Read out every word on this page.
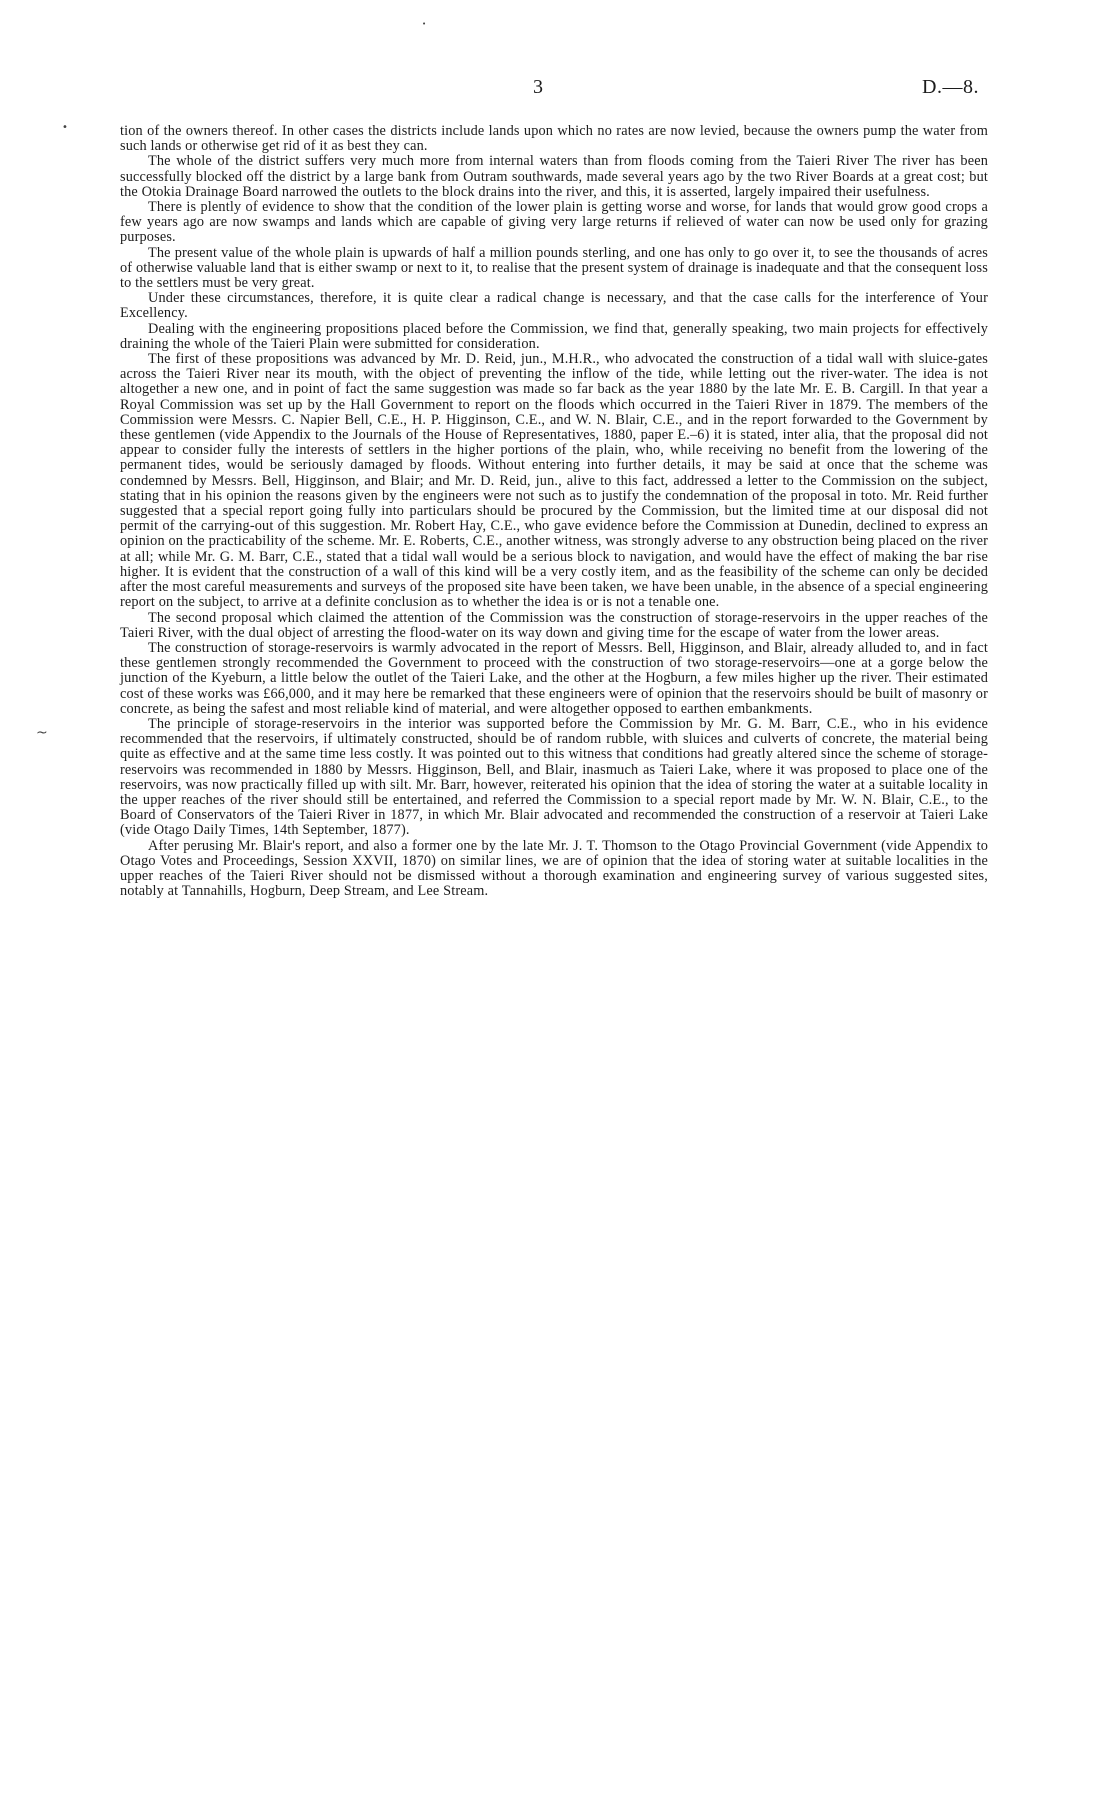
•
•
~
3	D.—8.

tion of the owners thereof. In other cases the districts include lands upon which no rates are now levied, because the owners pump the water from such lands or otherwise get rid of it as best they can.

The whole of the district suffers very much more from internal waters than from floods coming from the Taieri River The river has been successfully blocked off the district by a large bank from Outram southwards, made several years ago by the two River Boards at a great cost; but the Otokia Drainage Board narrowed the outlets to the block drains into the river, and this, it is asserted, largely impaired their usefulness.

There is plently of evidence to show that the condition of the lower plain is getting worse and worse, for lands that would grow good crops a few years ago are now swamps and lands which are capable of giving very large returns if relieved of water can now be used only for grazing purposes.

The present value of the whole plain is upwards of half a million pounds sterling, and one has only to go over it, to see the thousands of acres of otherwise valuable land that is either swamp or next to it, to realise that the present system of drainage is inadequate and that the consequent loss to the settlers must be very great.

Under these circumstances, therefore, it is quite clear a radical change is necessary, and that the case calls for the interference of Your Excellency.

Dealing with the engineering propositions placed before the Commission, we find that, generally speaking, two main projects for effectively draining the whole of the Taieri Plain were submitted for consideration.

The first of these propositions was advanced by Mr. D. Reid, jun., M.H.R., who advocated the construction of a tidal wall with sluice-gates across the Taieri River near its mouth, with the object of preventing the inflow of the tide, while letting out the river-water. The idea is not altogether a new one, and in point of fact the same suggestion was made so far back as the year 1880 by the late Mr. E. B. Cargill. In that year a Royal Commission was set up by the Hall Government to report on the floods which occurred in the Taieri River in 1879. The members of the Commission were Messrs. C. Napier Bell, C.E., H. P. Higginson, C.E., and W. N. Blair, C.E., and in the report forwarded to the Government by these gentlemen (vide Appendix to the Journals of the House of Representatives, 1880, paper E.–6) it is stated, inter alia, that the proposal did not appear to consider fully the interests of settlers in the higher portions of the plain, who, while receiving no benefit from the lowering of the permanent tides, would be seriously damaged by floods. Without entering into further details, it may be said at once that the scheme was condemned by Messrs. Bell, Higginson, and Blair; and Mr. D. Reid, jun., alive to this fact, addressed a letter to the Commission on the subject, stating that in his opinion the reasons given by the engineers were not such as to justify the condemnation of the proposal in toto. Mr. Reid further suggested that a special report going fully into particulars should be procured by the Commission, but the limited time at our disposal did not permit of the carrying-out of this suggestion. Mr. Robert Hay, C.E., who gave evidence before the Commission at Dunedin, declined to express an opinion on the practicability of the scheme. Mr. E. Roberts, C.E., another witness, was strongly adverse to any obstruction being placed on the river at all; while Mr. G. M. Barr, C.E., stated that a tidal wall would be a serious block to navigation, and would have the effect of making the bar rise higher. It is evident that the construction of a wall of this kind will be a very costly item, and as the feasibility of the scheme can only be decided after the most careful measurements and surveys of the proposed site have been taken, we have been unable, in the absence of a special engineering report on the subject, to arrive at a definite conclusion as to whether the idea is or is not a tenable one.

The second proposal which claimed the attention of the Commission was the construction of storage-reservoirs in the upper reaches of the Taieri River, with the dual object of arresting the flood-water on its way down and giving time for the escape of water from the lower areas.

The construction of storage-reservoirs is warmly advocated in the report of Messrs. Bell, Higginson, and Blair, already alluded to, and in fact these gentlemen strongly recommended the Government to proceed with the construction of two storage-reservoirs—one at a gorge below the junction of the Kyeburn, a little below the outlet of the Taieri Lake, and the other at the Hogburn, a few miles higher up the river. Their estimated cost of these works was £66,000, and it may here be remarked that these engineers were of opinion that the reservoirs should be built of masonry or concrete, as being the safest and most reliable kind of material, and were altogether opposed to earthen embankments.

The principle of storage-reservoirs in the interior was supported before the Commission by Mr. G. M. Barr, C.E., who in his evidence recommended that the reservoirs, if ultimately constructed, should be of random rubble, with sluices and culverts of concrete, the material being quite as effective and at the same time less costly. It was pointed out to this witness that conditions had greatly altered since the scheme of storage-reservoirs was recommended in 1880 by Messrs. Higginson, Bell, and Blair, inasmuch as Taieri Lake, where it was proposed to place one of the reservoirs, was now practically filled up with silt. Mr. Barr, however, reiterated his opinion that the idea of storing the water at a suitable locality in the upper reaches of the river should still be entertained, and referred the Commission to a special report made by Mr. W. N. Blair, C.E., to the Board of Conservators of the Taieri River in 1877, in which Mr. Blair advocated and recommended the construction of a reservoir at Taieri Lake (vide Otago Daily Times, 14th September, 1877).

After perusing Mr. Blair's report, and also a former one by the late Mr. J. T. Thomson to the Otago Provincial Government (vide Appendix to Otago Votes and Proceedings, Session XXVII, 1870) on similar lines, we are of opinion that the idea of storing water at suitable localities in the upper reaches of the Taieri River should not be dismissed without a thorough examination and engineering survey of various suggested sites, notably at Tannahills, Hogburn, Deep Stream, and Lee Stream.
